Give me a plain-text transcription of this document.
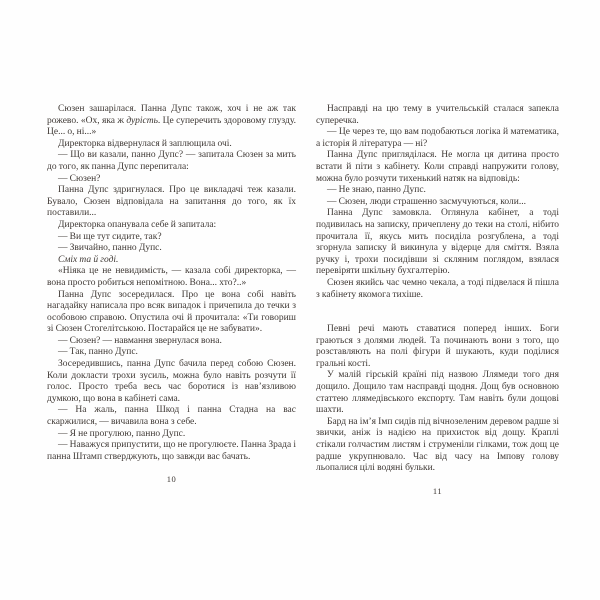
Сюзен зашарілася. Панна Дупс також, хоч і не аж так рожево. «Ох, яка ж дурість. Це суперечить здоровому глузду. Це... о, ні...»

Директорка відвернулася й заплющила очі.

— Що ви казали, панно Дупс? — запитала Сюзен за мить до того, як панна Дупс перепитала:

— Сюзен?

Панна Дупс здригнулася. Про це викладачі теж казали. Бувало, Сюзен відповідала на запитання до того, як їх поставили...

Директорка опанувала себе й запитала:

— Ви ще тут сидите, так?

— Звичайно, панно Дупс.

Сміх та й годі.

«Ніяка це не невидимість, — казала собі директорка, — вона просто робиться непомітною. Вона... хто?..»

Панна Дупс зосередилася. Про це вона собі навіть нагадайку написала про всяк випадок і причепила до течки з особовою справою. Опустила очі й прочитала: «Ти говориш зі Сюзен Стогелітською. Постарайся це не забувати».

— Сюзен? — навмання звернулася вона.

— Так, панно Дупс.

Зосередившись, панна Дупс бачила перед собою Сюзен. Коли докласти трохи зусиль, можна було навіть розчути її голос. Просто треба весь час боротися із нав’язливою думкою, що вона в кабінеті сама.

— На жаль, панна Шкод і панна Стадна на вас скаржилися, — вичавила вона з себе.

— Я не прогулюю, панно Дупс.

— Наважуся припустити, що не прогулюєте. Панна Зрада і панна Штамп стверджують, що завжди вас бачать.

10

Насправді на цю тему в учительській сталася запекла суперечка.

— Це через те, що вам подобаються логіка й математика, а історія й література — ні?

Панна Дупс пригляділася. Не могла ця дитина просто встати й піти з кабінету. Коли справді напружити голову, можна було розчути тихенький натяк на відповідь:

— Не знаю, панно Дупс.

— Сюзен, люди страшенно засмучуються, коли...

Панна Дупс замовкла. Оглянула кабінет, а тоді подивилась на записку, причеплену до теки на столі, нібито прочитала її, якусь мить посиділа розгублена, а тоді згорнула записку й викинула у відерце для сміття. Взяла ручку і, трохи посидівши зі скляним поглядом, взялася перевіряти шкільну бухгалтерію.

Сюзен якийсь час чемно чекала, а тоді підвелася й пішла з кабінету якомога тихіше.

Певні речі мають ставатися поперед інших. Боги граються з долями людей. Та починають вони з того, що розставляють на полі фігури й шукають, куди поділися гральні кості.

У малій гірській країні під назвою Ллямеди того дня дощило. Дощило там насправді щодня. Дощ був основною статтею ллямедівського експорту. Там навіть були дощові шахти.

Бард на ім’я Імп сидів під вічнозеленим деревом радше зі звички, аніж із надією на прихисток від дощу. Краплі стікали голчастим листям і струменіли гілками, тож дощ це радше укрупнювало. Час від часу на Імпову голову льопалися цілі водяні бульки.

11
